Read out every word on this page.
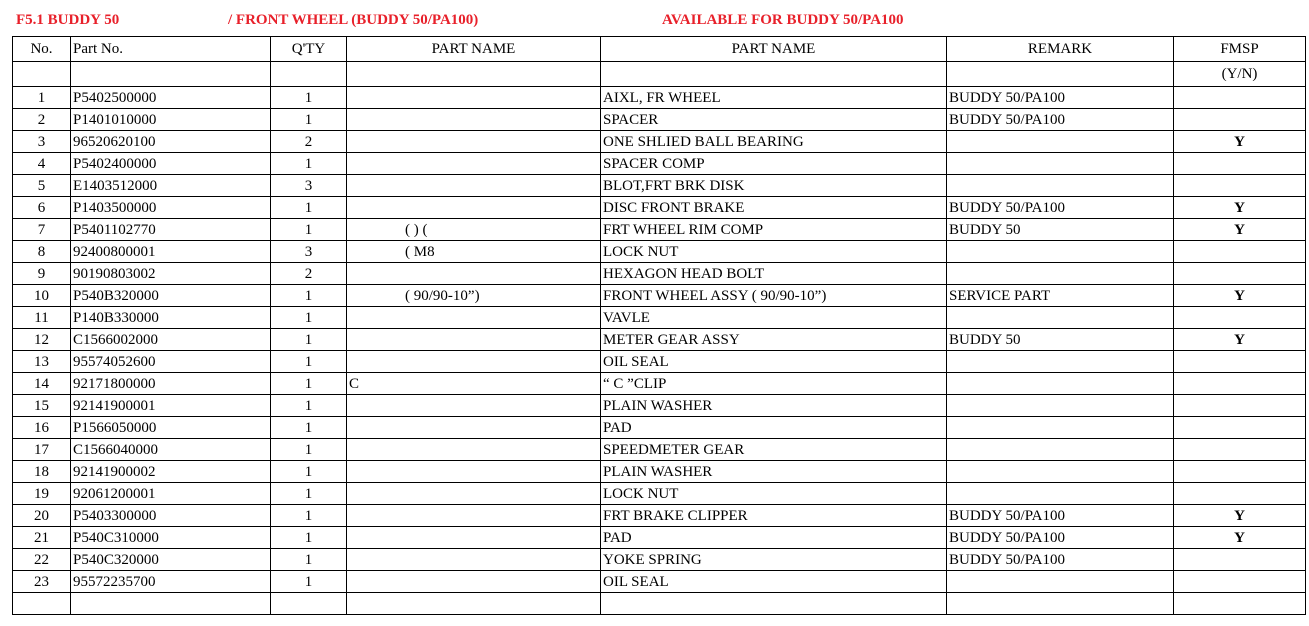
F5.1 BUDDY 50	/ FRONT WHEEL (BUDDY 50/PA100)	AVAILABLE FOR BUDDY 50/PA100
No.	Part No.	Q'TY	PART NAME	PART NAME	REMARK	FMSP
						(Y/N)
1	P5402500000	1		AIXL, FR WHEEL	BUDDY 50/PA100	
2	P1401010000	1		SPACER	BUDDY 50/PA100	
3	96520620100	2		ONE SHLIED BALL BEARING		Y
4	P5402400000	1		SPACER COMP		
5	E1403512000	3		BLOT,FRT BRK DISK		
6	P1403500000	1		DISC FRONT BRAKE	BUDDY 50/PA100	Y
7	P5401102770	1	( ) (	FRT WHEEL RIM COMP	BUDDY 50	Y
8	92400800001	3	( M8	LOCK NUT		
9	90190803002	2		HEXAGON HEAD BOLT		
10	P540B320000	1	( 90/90-10”)	FRONT WHEEL ASSY ( 90/90-10”)	SERVICE PART	Y
11	P140B330000	1		VAVLE		
12	C1566002000	1		METER GEAR ASSY	BUDDY 50	Y
13	95574052600	1		OIL SEAL		
14	92171800000	1	C	“ C ”CLIP		
15	92141900001	1		PLAIN WASHER		
16	P1566050000	1		PAD		
17	C1566040000	1		SPEEDMETER GEAR		
18	92141900002	1		PLAIN WASHER		
19	92061200001	1		LOCK NUT		
20	P5403300000	1		FRT BRAKE CLIPPER	BUDDY 50/PA100	Y
21	P540C310000	1		PAD	BUDDY 50/PA100	Y
22	P540C320000	1		YOKE SPRING	BUDDY 50/PA100	
23	95572235700	1		OIL SEAL		
